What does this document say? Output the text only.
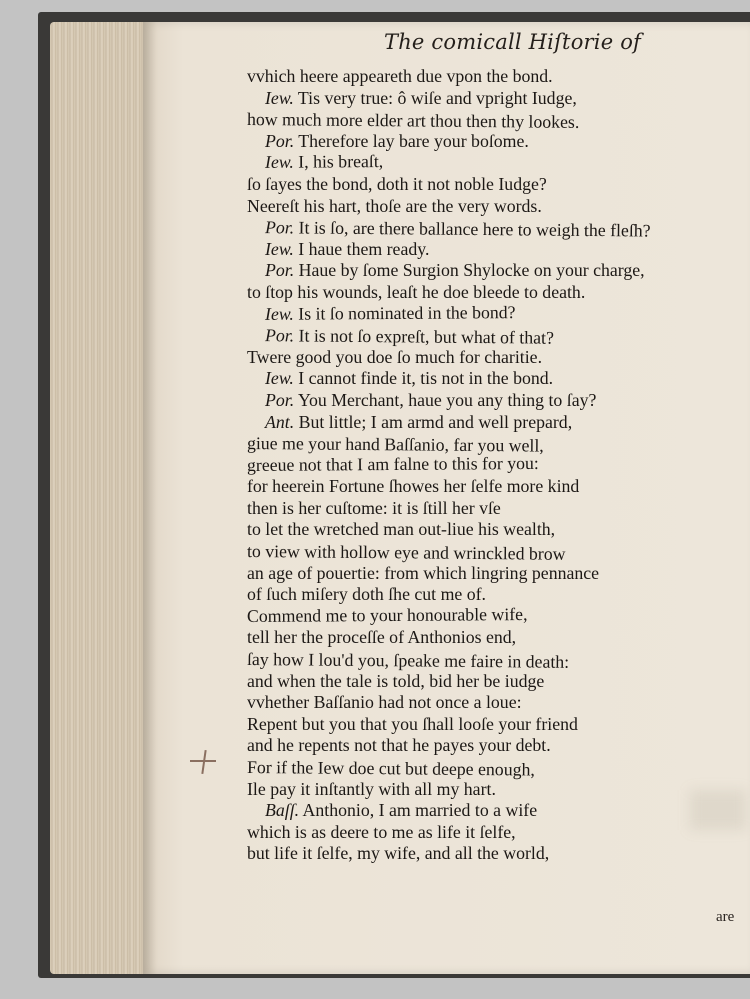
The comicall Hiſtorie of
vvhich heere appeareth due vpon the bond.
Iew. Tis very true: ô wiſe and vpright Iudge,
how much more elder art thou then thy lookes.
Por. Therefore lay bare your boſome.
Iew. I, his breaſt,
ſo ſayes the bond, doth it not noble Iudge?
Neereſt his hart, thoſe are the very words.
Por. It is ſo, are there ballance here to weigh the fleſh?
Iew. I haue them ready.
Por. Haue by ſome Surgion Shylocke on your charge,
to ſtop his wounds, leaſt he doe bleede to death.
Iew. Is it ſo nominated in the bond?
Por. It is not ſo expreſt, but what of that?
Twere good you doe ſo much for charitie.
Iew. I cannot finde it, tis not in the bond.
Por. You Merchant, haue you any thing to ſay?
Ant. But little; I am armd and well prepard,
giue me your hand Baſſanio, far you well,
greeue not that I am falne to this for you:
for heerein Fortune ſhowes her ſelfe more kind
then is her cuſtome: it is ſtill her vſe
to let the wretched man out-liue his wealth,
to view with hollow eye and wrinckled brow
an age of pouertie: from which lingring pennance
of ſuch miſery doth ſhe cut me of.
Commend me to your honourable wife,
tell her the proceſſe of Anthonios end,
ſay how I lou'd you, ſpeake me faire in death:
and when the tale is told, bid her be iudge
vvhether Baſſanio had not once a loue:
Repent but you that you ſhall looſe your friend
and he repents not that he payes your debt.
For if the Iew doe cut but deepe enough,
Ile pay it inſtantly with all my hart.
Baſſ. Anthonio, I am married to a wife
which is as deere to me as life it ſelfe,
but life it ſelfe, my wife, and all the world,
are
